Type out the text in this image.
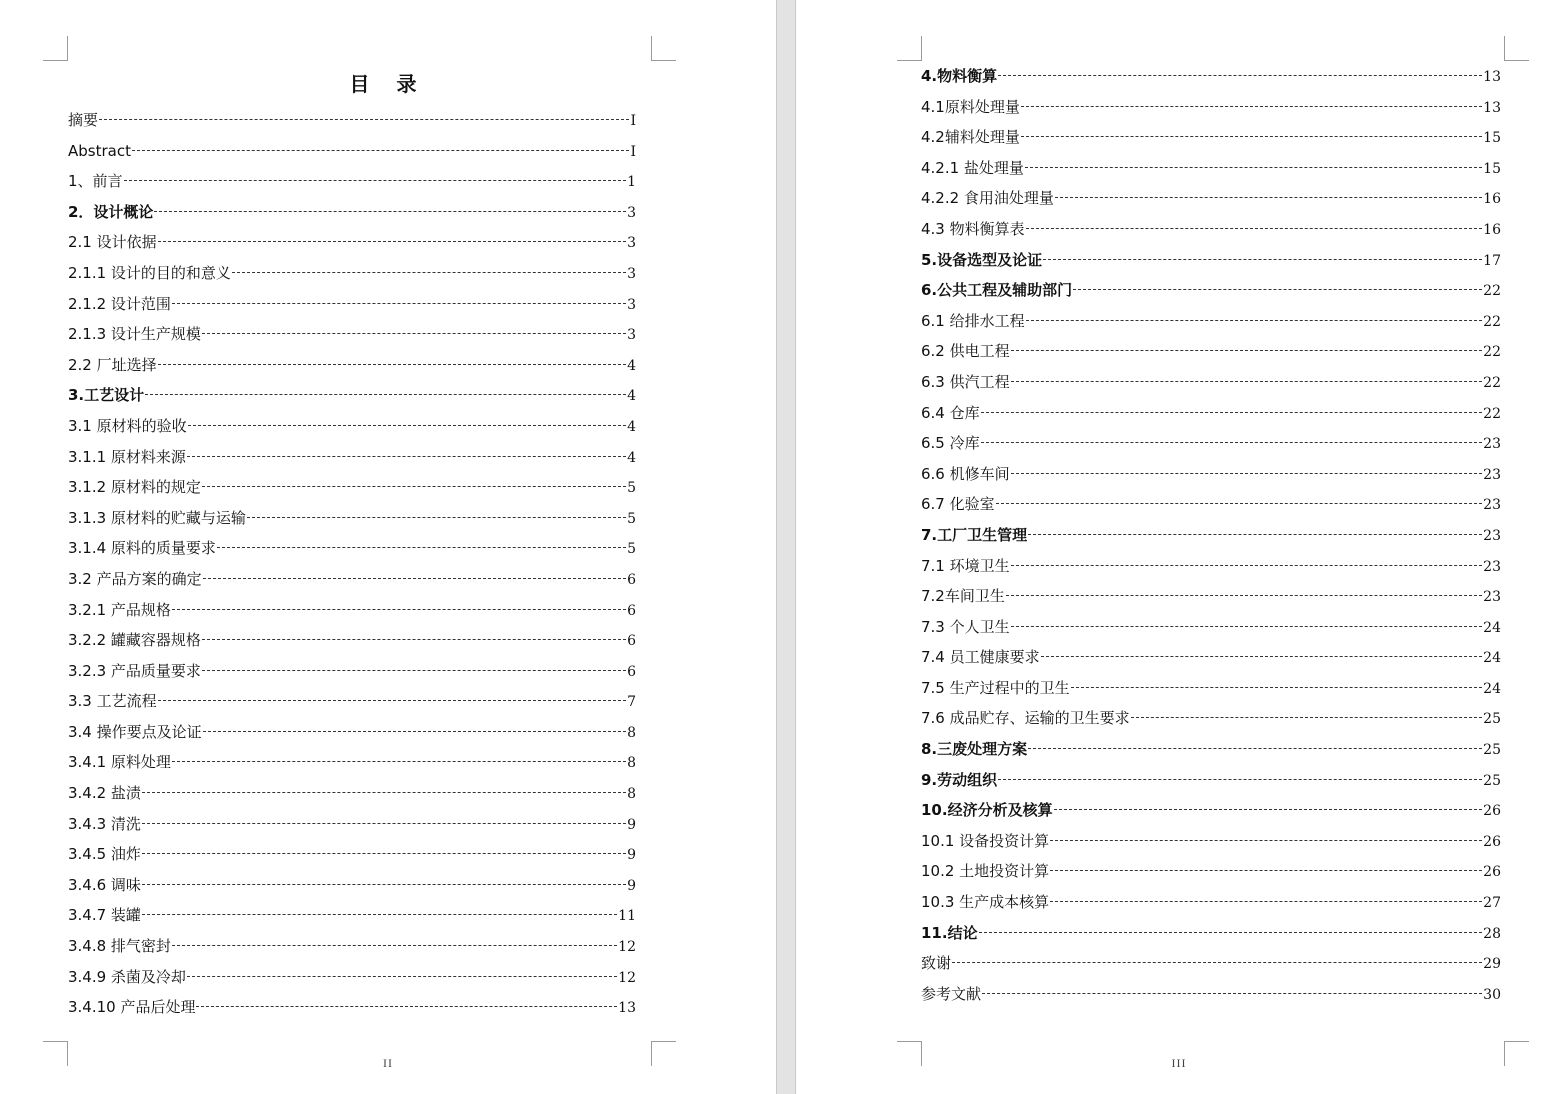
目 录
摘要	I
Abstract	I
1、前言	1
2．设计概论	3
2.1 设计依据	3
2.1.1 设计的目的和意义	3
2.1.2 设计范围	3
2.1.3 设计生产规模	3
2.2 厂址选择	4
3.工艺设计	4
3.1 原材料的验收	4
3.1.1 原材料来源	4
3.1.2 原材料的规定	5
3.1.3 原材料的贮藏与运输	5
3.1.4 原料的质量要求	5
3.2 产品方案的确定	6
3.2.1 产品规格	6
3.2.2 罐藏容器规格	6
3.2.3 产品质量要求	6
3.3 工艺流程	7
3.4 操作要点及论证	8
3.4.1 原料处理	8
3.4.2 盐渍	8
3.4.3 清洗	9
3.4.5 油炸	9
3.4.6 调味	9
3.4.7 装罐	11
3.4.8 排气密封	12
3.4.9 杀菌及冷却	12
3.4.10 产品后处理	13
II
4.物料衡算	13
4.1原料处理量	13
4.2辅料处理量	15
4.2.1 盐处理量	15
4.2.2 食用油处理量	16
4.3 物料衡算表	16
5.设备选型及论证	17
6.公共工程及辅助部门	22
6.1 给排水工程	22
6.2 供电工程	22
6.3 供汽工程	22
6.4 仓库	22
6.5 冷库	23
6.6 机修车间	23
6.7 化验室	23
7.工厂卫生管理	23
7.1 环境卫生	23
7.2车间卫生	23
7.3 个人卫生	24
7.4 员工健康要求	24
7.5 生产过程中的卫生	24
7.6 成品贮存、运输的卫生要求	25
8.三废处理方案	25
9.劳动组织	25
10.经济分析及核算	26
10.1 设备投资计算	26
10.2 土地投资计算	26
10.3 生产成本核算	27
11.结论	28
致谢	29
参考文献	30
III
